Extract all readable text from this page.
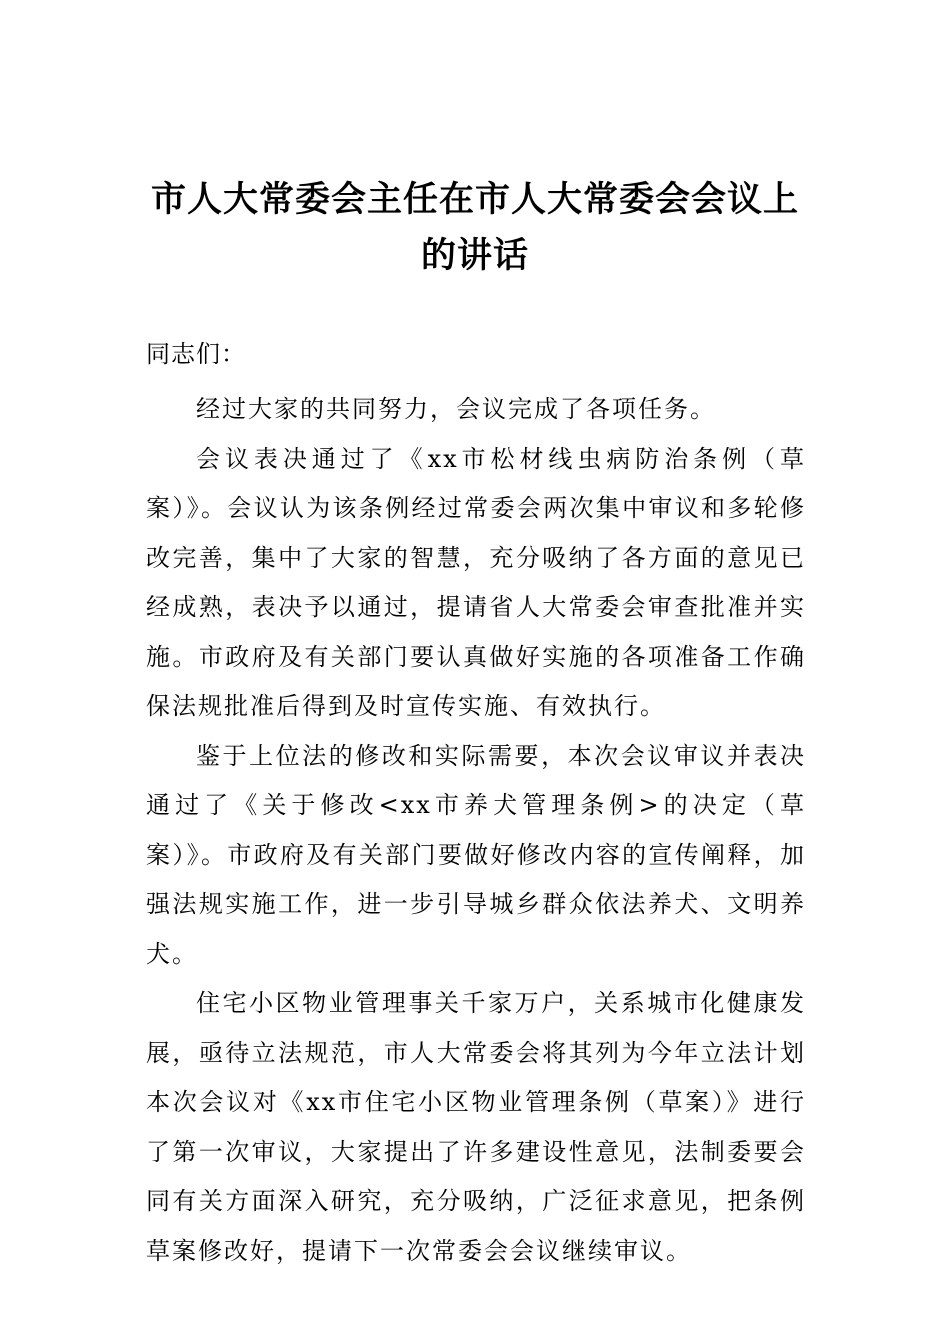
市人大常委会主任在市人大常委会会议上
的讲话

同志们：

经过大家的共同努力，会议完成了各项任务。

会议表决通过了《xx市松材线虫病防治条例（草案）》。会议认为该条例经过常委会两次集中审议和多轮修改完善，集中了大家的智慧，充分吸纳了各方面的意见已经成熟，表决予以通过，提请省人大常委会审查批准并实施。市政府及有关部门要认真做好实施的各项准备工作确保法规批准后得到及时宣传实施、有效执行。

鉴于上位法的修改和实际需要，本次会议审议并表决通过了《关于修改<xx市养犬管理条例>的决定（草案）》。市政府及有关部门要做好修改内容的宣传阐释，加强法规实施工作，进一步引导城乡群众依法养犬、文明养犬。

住宅小区物业管理事关千家万户，关系城市化健康发展，亟待立法规范，市人大常委会将其列为今年立法计划本次会议对《xx市住宅小区物业管理条例（草案）》进行了第一次审议，大家提出了许多建设性意见，法制委要会同有关方面深入研究，充分吸纳，广泛征求意见，把条例草案修改好，提请下一次常委会会议继续审议。
